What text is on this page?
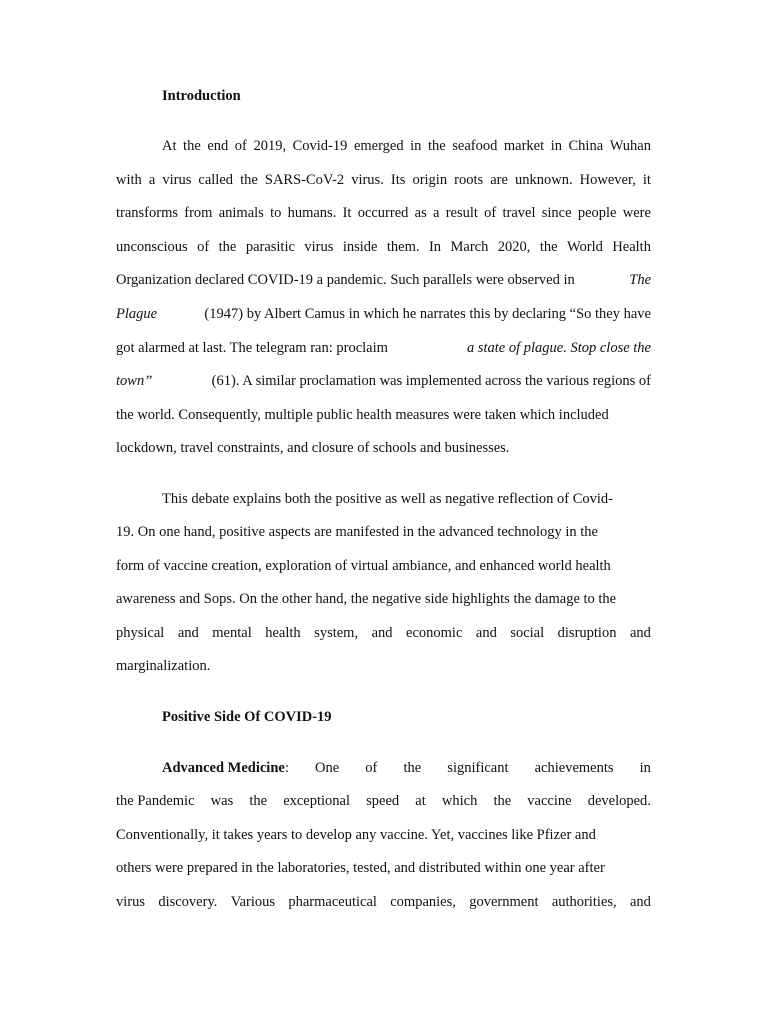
Introduction
At the end of 2019, Covid-19 emerged in the seafood market in China Wuhan
with a virus called the SARS-CoV-2 virus. Its origin roots are unknown. However, it
transforms from animals to humans. It occurred as a result of travel since people were
unconscious of the parasitic virus inside them. In March 2020, the World Health
Organization declared COVID-19 a pandemic. Such parallels were observed in	The
Plague	(1947) by Albert Camus in which he narrates this by declaring “So they have
got alarmed at last. The telegram ran: proclaim	a state of plague. Stop close the
town”	(61). A similar proclamation was implemented across the various regions of
the world. Consequently, multiple public health measures were taken which included
lockdown, travel constraints, and closure of schools and businesses.
This debate explains both the positive as well as negative reflection of Covid-
19. On one hand, positive aspects are manifested in the advanced technology in the
form of vaccine creation, exploration of virtual ambiance, and enhanced world health
awareness and Sops. On the other hand, the negative side highlights the damage to the
physical and mental health system, and economic and social disruption and
marginalization.
Positive Side Of COVID-19
Advanced Medicine: One of the significant achievements in
the Pandemic was the exceptional speed at which the vaccine developed.
Conventionally, it takes years to develop any vaccine. Yet, vaccines like Pfizer and
others were prepared in the laboratories, tested, and distributed within one year after
virus discovery. Various pharmaceutical companies, government authorities, and
